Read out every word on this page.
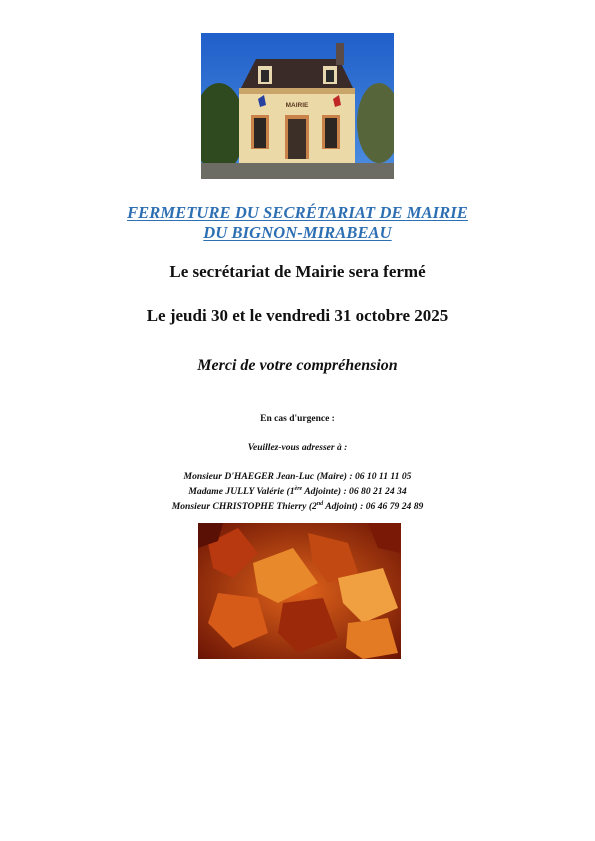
MAIRIE
FERMETURE DU SECRÉTARIAT DE MAIRIE
DU BIGNON-MIRABEAU
Le secrétariat de Mairie sera fermé
Le jeudi 30 et le vendredi 31 octobre 2025
Merci de votre compréhension
En cas d'urgence :
Veuillez-vous adresser à :
Monsieur D'HAEGER Jean-Luc (Maire) : 06 10 11 11 05
Madame JULLY Valérie (1ère Adjointe) : 06 80 21 24 34
Monsieur CHRISTOPHE Thierry (2nd Adjoint) : 06 46 79 24 89
